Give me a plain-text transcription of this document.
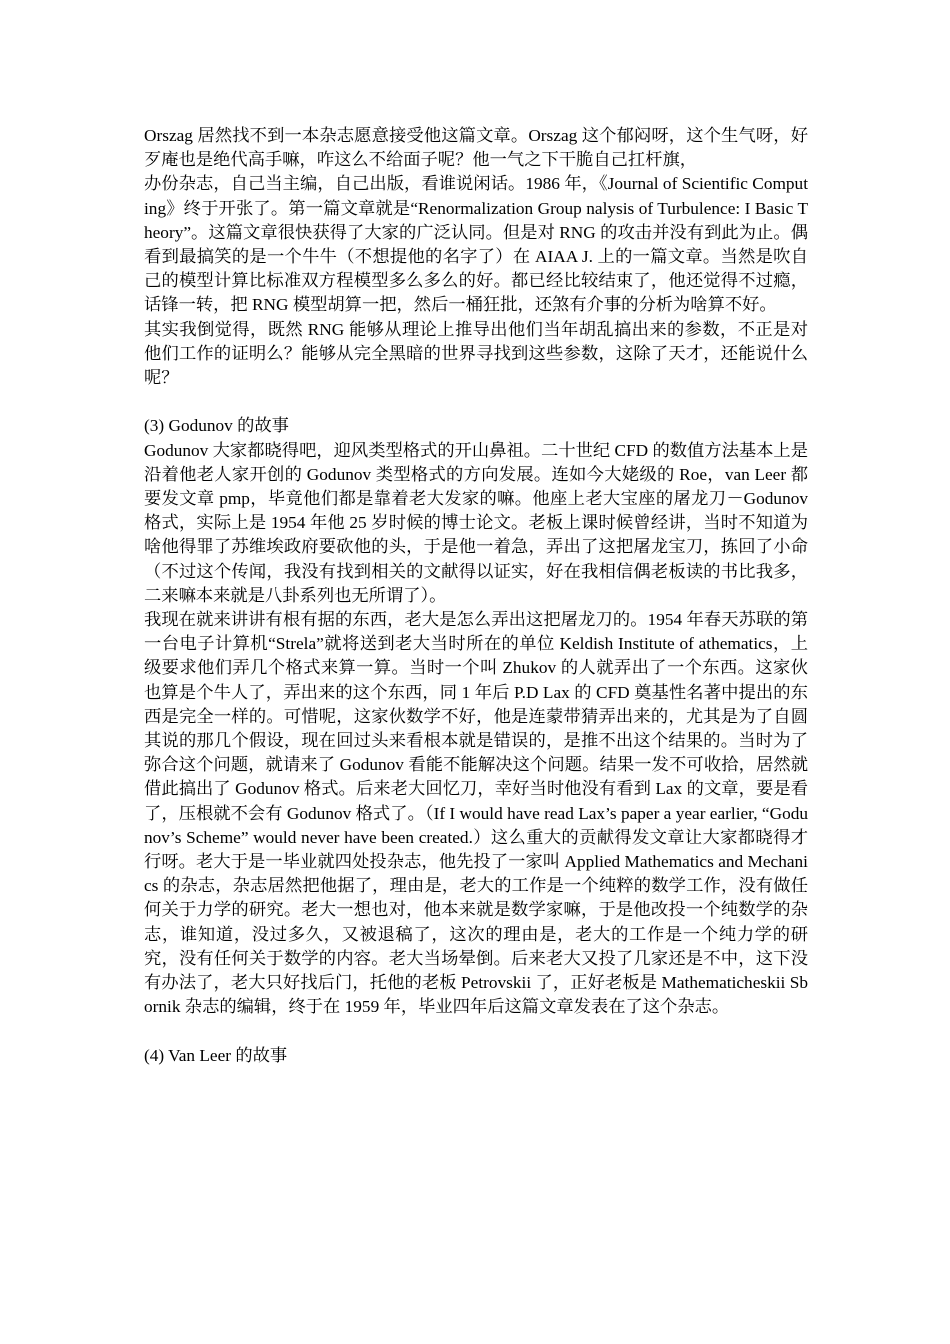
Orszag 居然找不到一本杂志愿意接受他这篇文章。Orszag 这个郁闷呀，这个生气呀，好歹庵也是绝代高手嘛，咋这么不给面子呢？他一气之下干脆自己扛杆旗，

办份杂志，自己当主编，自己出版，看谁说闲话。1986 年，《Journal of Scientific Computing》终于开张了。第一篇文章就是“Renormalization Group nalysis of Turbulence: I Basic Theory”。这篇文章很快获得了大家的广泛认同。但是对 RNG 的攻击并没有到此为止。偶看到最搞笑的是一个牛牛（不想提他的名字了）在 AIAA J. 上的一篇文章。当然是吹自己的模型计算比标准双方程模型多么多么的好。都已经比较结束了，他还觉得不过瘾，话锋一转，把 RNG 模型胡算一把，然后一桶狂批，还煞有介事的分析为啥算不好。

其实我倒觉得，既然 RNG 能够从理论上推导出他们当年胡乱搞出来的参数，不正是对他们工作的证明么？能够从完全黑暗的世界寻找到这些参数，这除了天才，还能说什么呢？

(3) Godunov 的故事

Godunov 大家都晓得吧，迎风类型格式的开山鼻祖。二十世纪 CFD 的数值方法基本上是沿着他老人家开创的 Godunov 类型格式的方向发展。连如今大姥级的 Roe，van Leer 都要发文章 pmp，毕竟他们都是靠着老大发家的嘛。他座上老大宝座的屠龙刀－Godunov 格式，实际上是 1954 年他 25 岁时候的博士论文。老板上课时候曾经讲，当时不知道为啥他得罪了苏维埃政府要砍他的头，于是他一着急，弄出了这把屠龙宝刀，拣回了小命（不过这个传闻，我没有找到相关的文献得以证实，好在我相信偶老板读的书比我多，二来嘛本来就是八卦系列也无所谓了）。

我现在就来讲讲有根有据的东西，老大是怎么弄出这把屠龙刀的。1954 年春天苏联的第一台电子计算机“Strela”就将送到老大当时所在的单位 Keldish Institute of athematics，上级要求他们弄几个格式来算一算。当时一个叫 Zhukov 的人就弄出了一个东西。这家伙也算是个牛人了，弄出来的这个东西，同 1 年后 P.D Lax 的 CFD 奠基性名著中提出的东西是完全一样的。可惜呢，这家伙数学不好，他是连蒙带猜弄出来的，尤其是为了自圆其说的那几个假设，现在回过头来看根本就是错误的，是推不出这个结果的。当时为了弥合这个问题，就请来了 Godunov 看能不能解决这个问题。结果一发不可收拾，居然就借此搞出了 Godunov 格式。后来老大回忆刀，幸好当时他没有看到 Lax 的文章，要是看了，压根就不会有 Godunov 格式了。（If I would have read Lax’s paper a year earlier, “Godunov’s Scheme” would never have been created.）这么重大的贡献得发文章让大家都晓得才行呀。老大于是一毕业就四处投杂志，他先投了一家叫 Applied Mathematics and Mechanics 的杂志，杂志居然把他据了，理由是，老大的工作是一个纯粹的数学工作，没有做任何关于力学的研究。老大一想也对，他本来就是数学家嘛，于是他改投一个纯数学的杂志，谁知道，没过多久，又被退稿了，这次的理由是，老大的工作是一个纯力学的研究，没有任何关于数学的内容。老大当场晕倒。后来老大又投了几家还是不中，这下没有办法了，老大只好找后门，托他的老板 Petrovskii 了，正好老板是 Mathematicheskii Sbornik 杂志的编辑，终于在 1959 年，毕业四年后这篇文章发表在了这个杂志。

(4) Van Leer 的故事
